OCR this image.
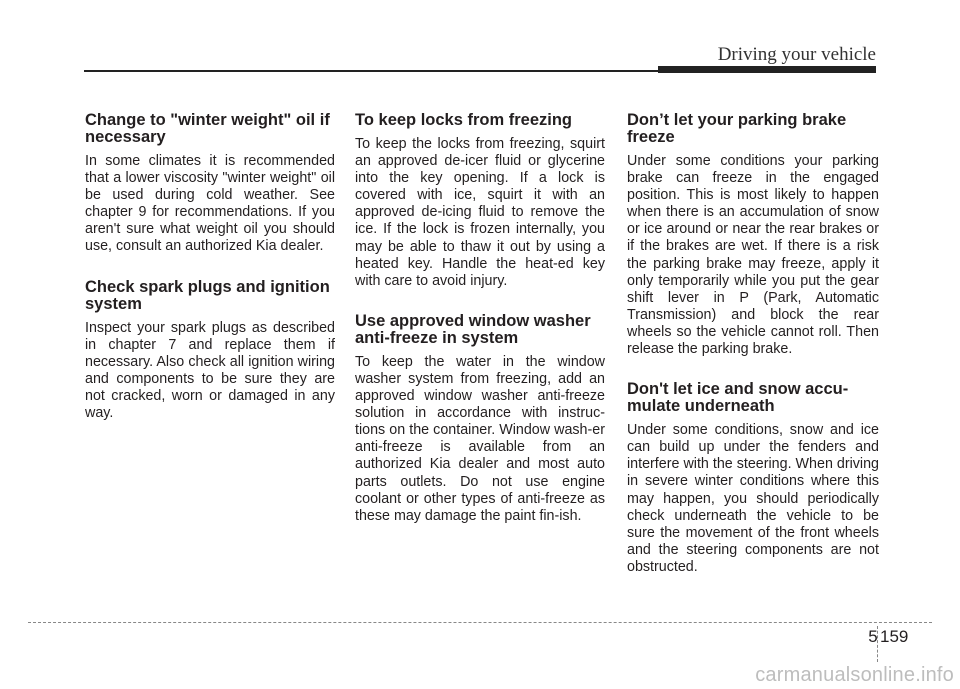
Driving your vehicle
Change to "winter weight" oil if necessary

In some climates it is recommended that a lower viscosity "winter weight" oil be used during cold weather. See chapter 9 for recommendations. If you aren't sure what weight oil you should use, consult an authorized Kia dealer.

Check spark plugs and ignition system

Inspect your spark plugs as described in chapter 7 and replace them if necessary. Also check all ignition wiring and components to be sure they are not cracked, worn or damaged in any way.

To keep locks from freezing

To keep the locks from freezing, squirt an approved de-icer fluid or glycerine into the key opening. If a lock is covered with ice, squirt it with an approved de-icing fluid to remove the ice. If the lock is frozen internally, you may be able to thaw it out by using a heated key. Handle the heat-ed key with care to avoid injury.

Use approved window washer anti-freeze in system

To keep the water in the window washer system from freezing, add an approved window washer anti-freeze solution in accordance with instruc-tions on the container. Window wash-er anti-freeze is available from an authorized Kia dealer and most auto parts outlets. Do not use engine coolant or other types of anti-freeze as these may damage the paint fin-ish.

Don’t let your parking brake freeze

Under some conditions your parking brake can freeze in the engaged position. This is most likely to happen when there is an accumulation of snow or ice around or near the rear brakes or if the brakes are wet. If there is a risk the parking brake may freeze, apply it only temporarily while you put the gear shift lever in P (Park, Automatic Transmission) and block the rear wheels so the vehicle cannot roll. Then release the parking brake.

Don't let ice and snow accu-mulate underneath

Under some conditions, snow and ice can build up under the fenders and interfere with the steering. When driving in severe winter conditions where this may happen, you should periodically check underneath the vehicle to be sure the movement of the front wheels and the steering components are not obstructed.

5 159
carmanualsonline.info
